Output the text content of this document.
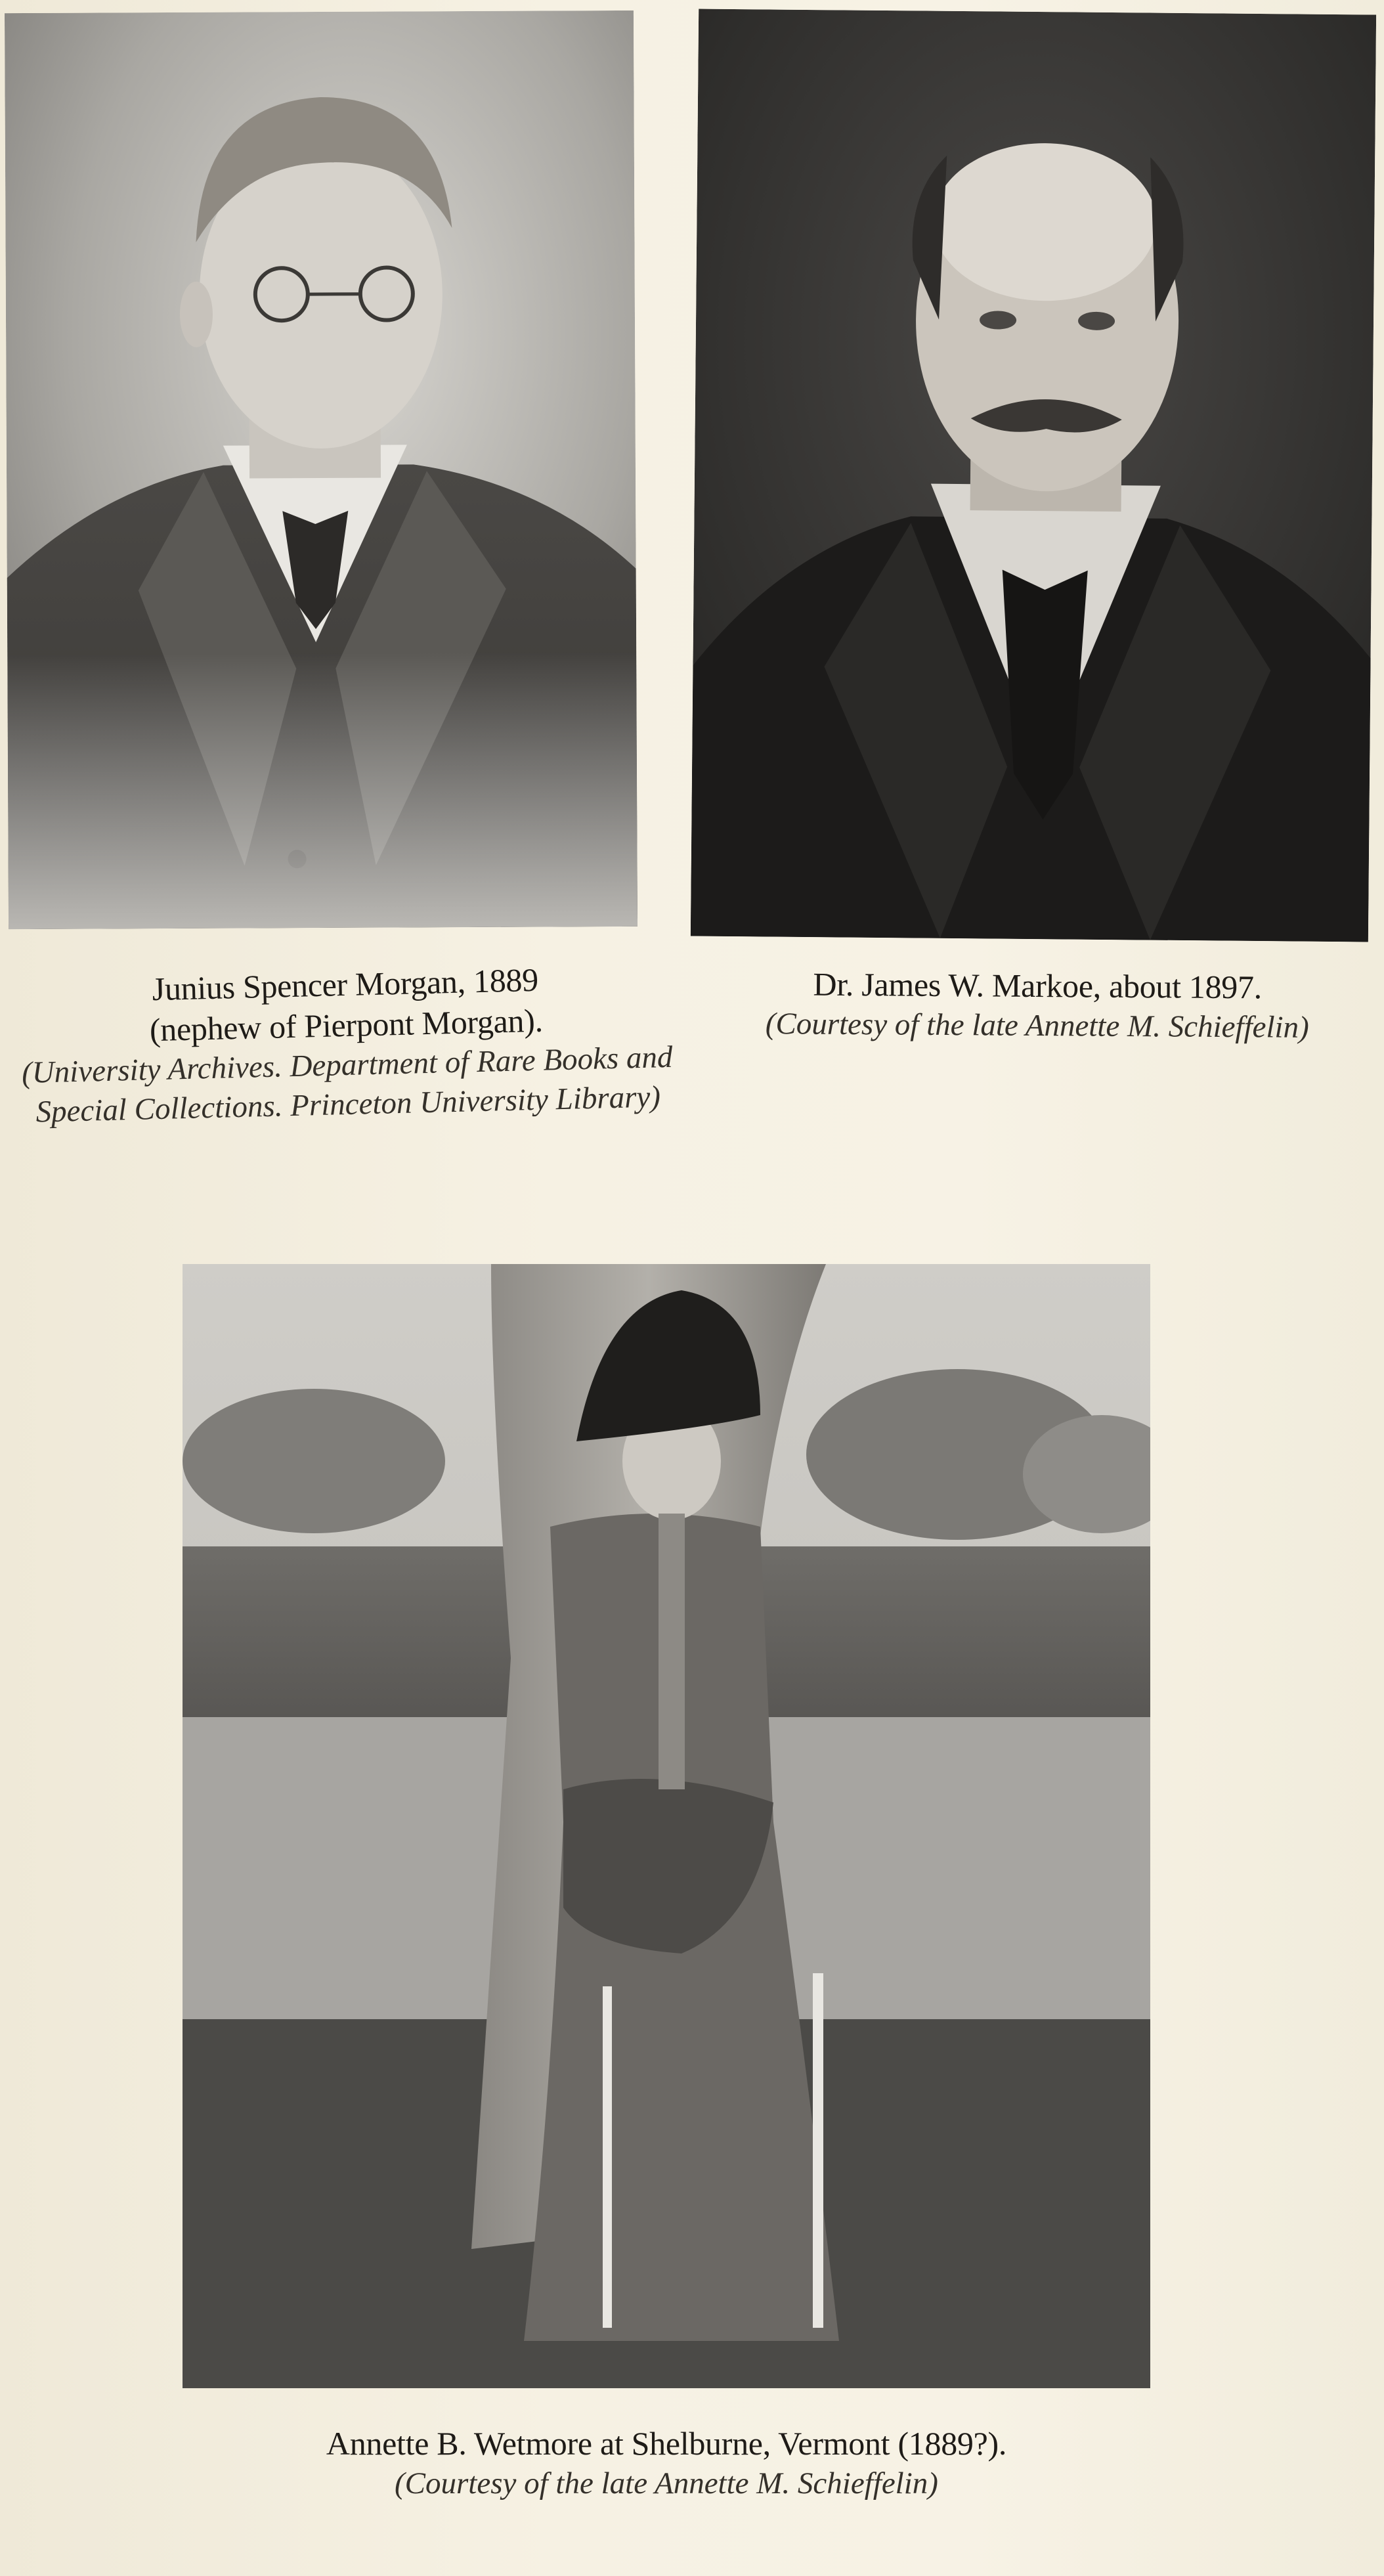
Junius Spencer Morgan, 1889
(nephew of Pierpont Morgan).
(University Archives. Department of Rare Books and
Special Collections. Princeton University Library)
Dr. James W. Markoe, about 1897.
(Courtesy of the late Annette M. Schieffelin)
Annette B. Wetmore at Shelburne, Vermont (1889?).
(Courtesy of the late Annette M. Schieffelin)
